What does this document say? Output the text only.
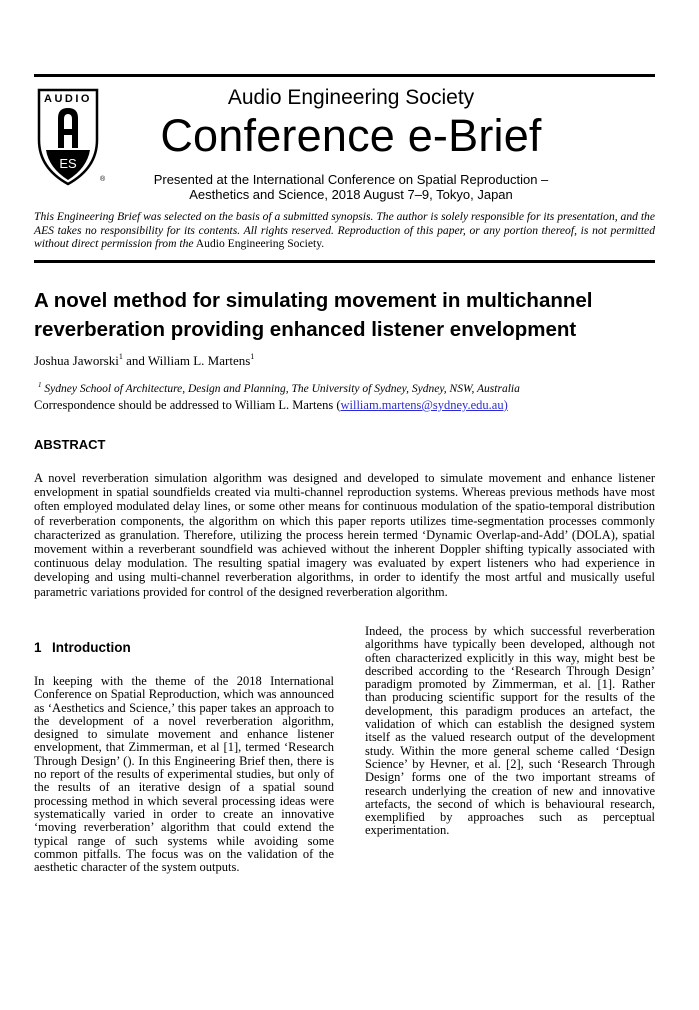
AUDIO
ES
®
Audio Engineering Society
Conference e-Brief
Presented at the International Conference on Spatial Reproduction –
Aesthetics and Science, 2018 August 7–9, Tokyo, Japan
This Engineering Brief was selected on the basis of a submitted synopsis. The author is solely responsible for its presentation, and the AES takes no responsibility for its contents. All rights reserved. Reproduction of this paper, or any portion thereof, is not permitted without direct permission from the Audio Engineering Society.
A novel method for simulating movement in multichannel
reverberation providing enhanced listener envelopment
Joshua Jaworski$^1$ and William L. Martens$^1$
$^1$ Sydney School of Architecture, Design and Planning, The University of Sydney, Sydney, NSW, Australia
Correspondence should be addressed to William L. Martens (william.martens@sydney.edu.au)
ABSTRACT
A novel reverberation simulation algorithm was designed and developed to simulate movement and enhance listener envelopment in spatial soundfields created via multi-channel reproduction systems. Whereas previous methods have most often employed modulated delay lines, or some other means for continuous modulation of the spatio-temporal distribution of reverberation components, the algorithm on which this paper reports utilizes time-segmentation processes commonly characterized as granulation. Therefore, utilizing the process herein termed ‘Dynamic Overlap-and-Add’ (DOLA), spatial movement within a reverberant soundfield was achieved without the inherent Doppler shifting typically associated with continuous delay modulation. The resulting spatial imagery was evaluated by expert listeners who had experience in developing and using multi-channel reverberation algorithms, in order to identify the most artful and musically useful parametric variations provided for control of the designed reverberation algorithm.
1 Introduction
In keeping with the theme of the 2018 International Conference on Spatial Reproduction, which was announced as ‘Aesthetics and Science,’ this paper takes an approach to the development of a novel reverberation algorithm, designed to simulate movement and enhance listener envelopment, that Zimmerman, et al [1], termed ‘Research Through Design’ (). In this Engineering Brief then, there is no report of the results of experimental studies, but only of the results of an iterative design of a spatial sound processing method in which several processing ideas were systematically varied in order to create an innovative ‘moving reverberation’ algorithm that could extend the typical range of such systems while avoiding some common pitfalls. The focus was on the validation of the aesthetic character of the system outputs.
Indeed, the process by which successful reverberation algorithms have typically been developed, although not often characterized explicitly in this way, might best be described according to the ‘Research Through Design’ paradigm promoted by Zimmerman, et al. [1]. Rather than producing scientific support for the results of the development, this paradigm produces an artefact, the validation of which can establish the designed system itself as the valued research output of the development study. Within the more general scheme called ‘Design Science’ by Hevner, et al. [2], such ‘Research Through Design’ forms one of the two important streams of research underlying the creation of new and innovative artefacts, the second of which is behavioural research, exemplified by approaches such as perceptual experimentation.
